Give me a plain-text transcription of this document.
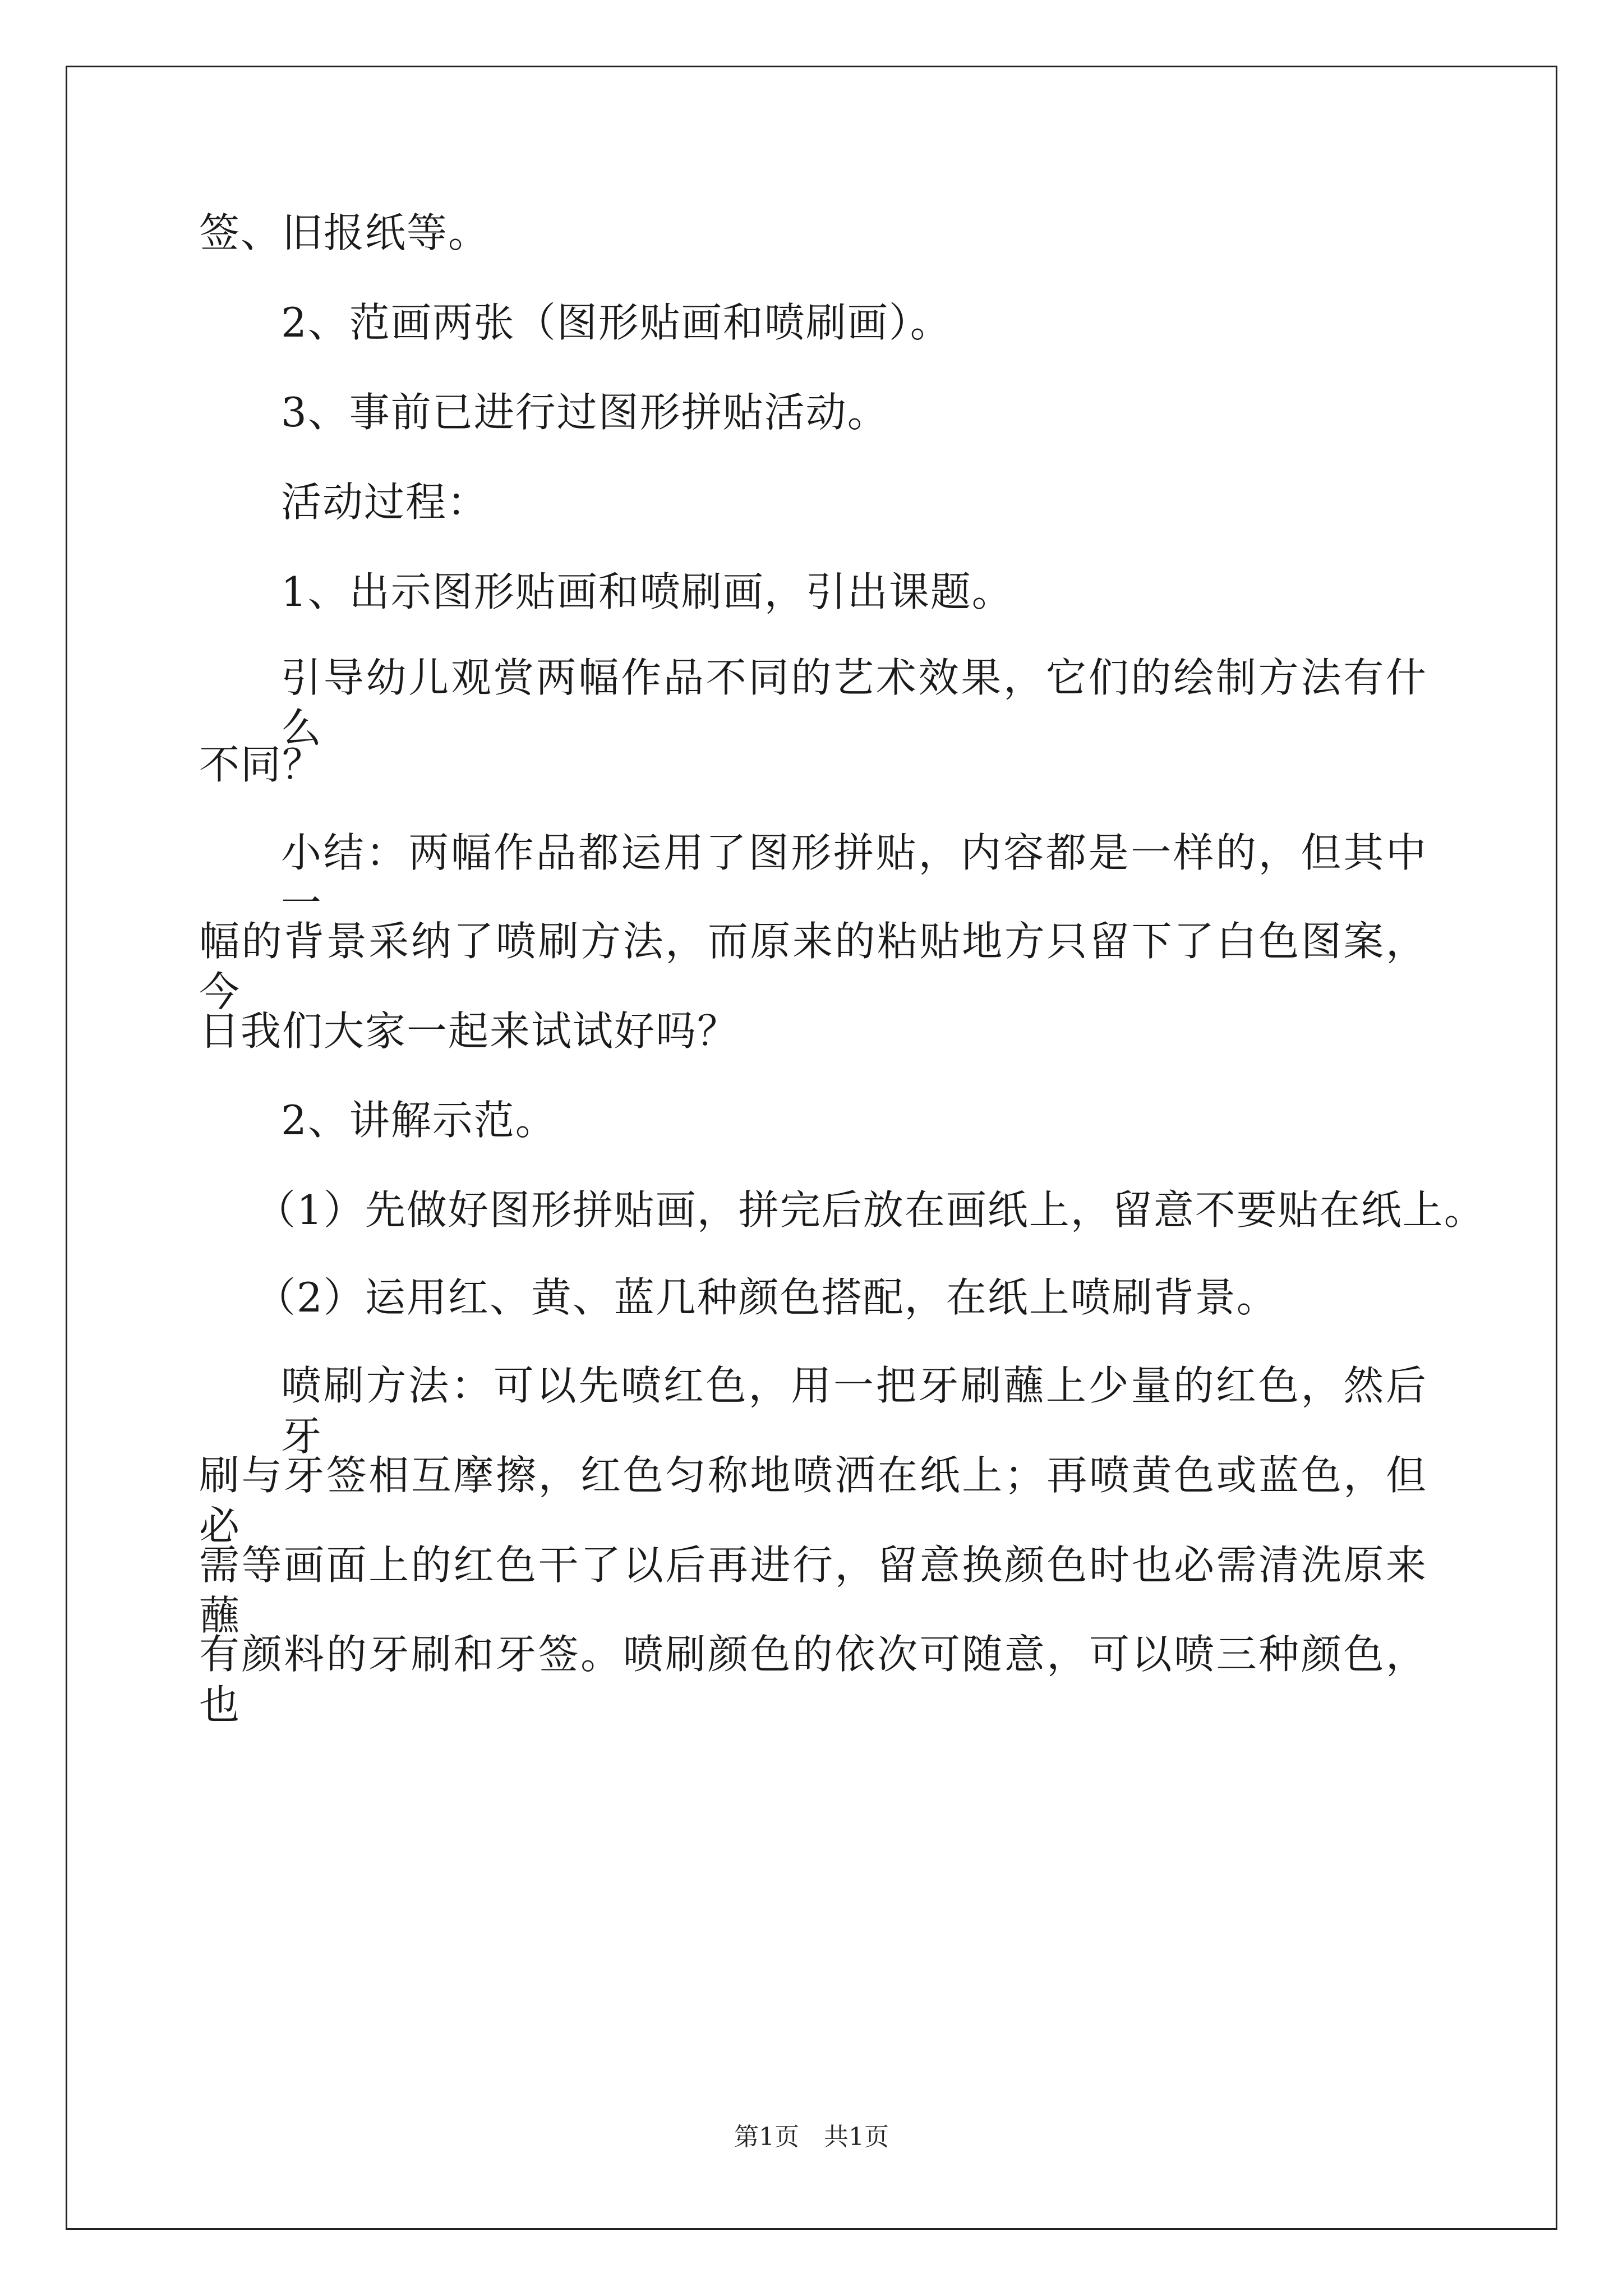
签、旧报纸等。
2、范画两张（图形贴画和喷刷画）。
3、事前已进行过图形拼贴活动。
活动过程：
1、出示图形贴画和喷刷画，引出课题。
引导幼儿观赏两幅作品不同的艺术效果，它们的绘制方法有什么
不同？
小结：两幅作品都运用了图形拼贴，内容都是一样的，但其中一
幅的背景采纳了喷刷方法，而原来的粘贴地方只留下了白色图案，今
日我们大家一起来试试好吗？
2、讲解示范。
（1）先做好图形拼贴画，拼完后放在画纸上，留意不要贴在纸上。
（2）运用红、黄、蓝几种颜色搭配，在纸上喷刷背景。
喷刷方法：可以先喷红色，用一把牙刷蘸上少量的红色，然后牙
刷与牙签相互摩擦，红色匀称地喷洒在纸上；再喷黄色或蓝色，但必
需等画面上的红色干了以后再进行，留意换颜色时也必需清洗原来蘸
有颜料的牙刷和牙签。喷刷颜色的依次可随意，可以喷三种颜色，也
第1页　共1页
